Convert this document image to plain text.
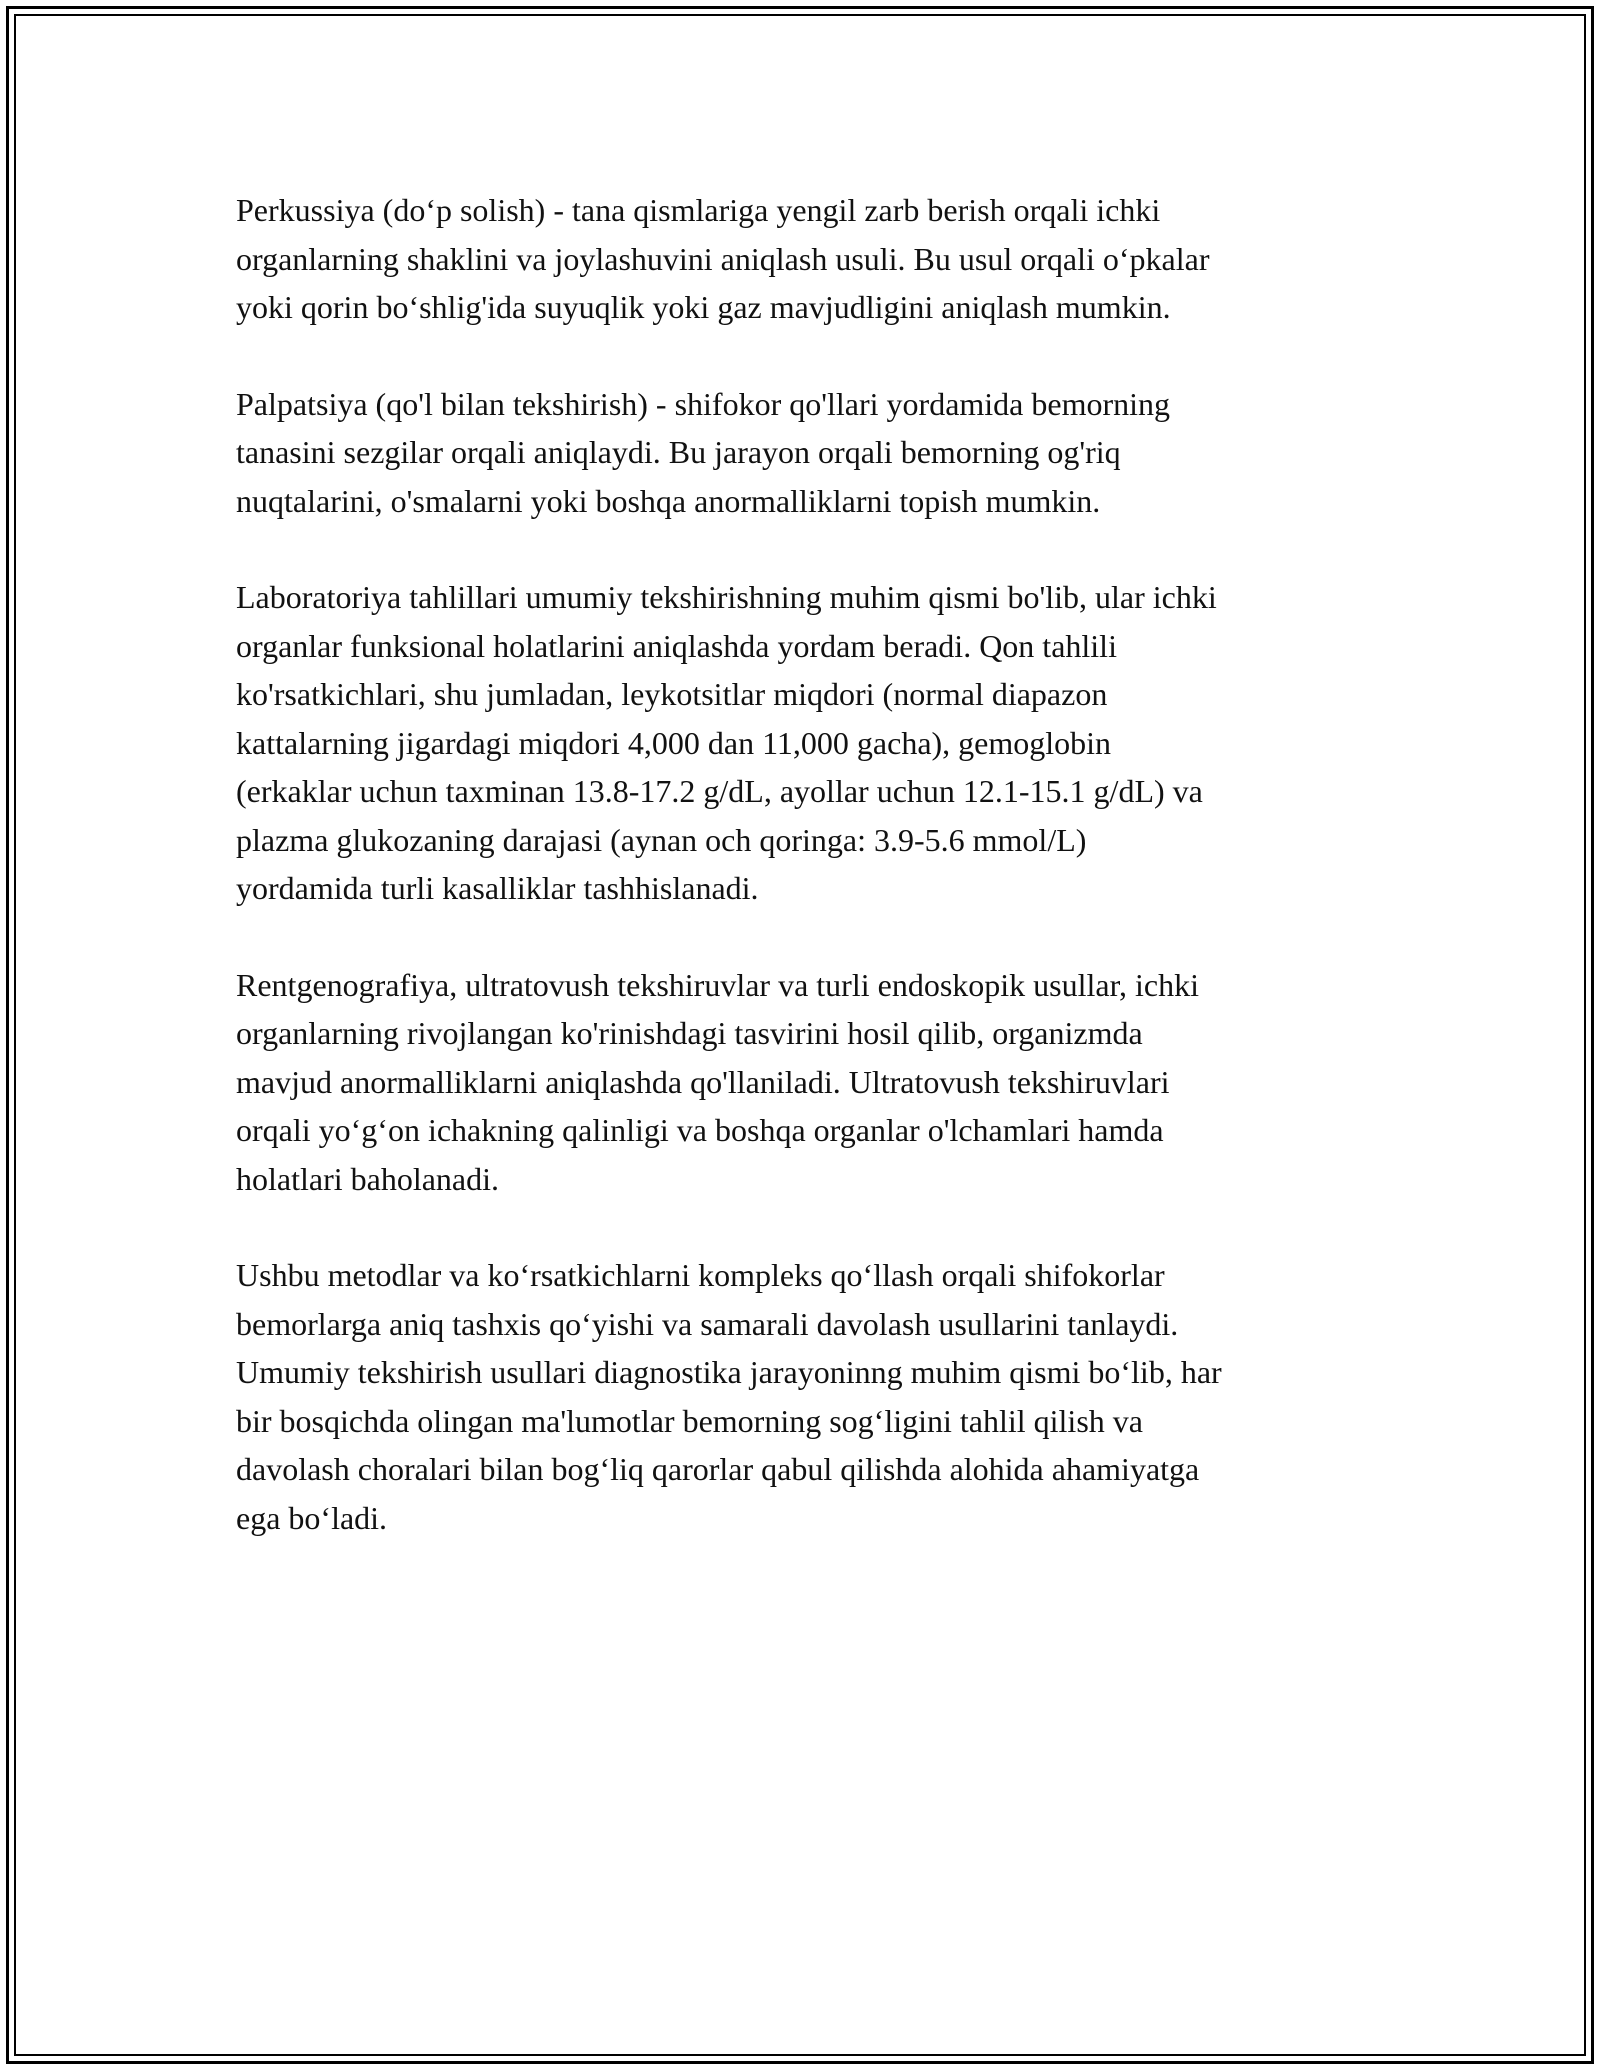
Perkussiya (do‘p solish) - tana qismlariga yengil zarb berish orqali ichki
organlarning shaklini va joylashuvini aniqlash usuli. Bu usul orqali o‘pkalar
yoki qorin bo‘shlig'ida suyuqlik yoki gaz mavjudligini aniqlash mumkin.

Palpatsiya (qo'l bilan tekshirish) - shifokor qo'llari yordamida bemorning
tanasini sezgilar orqali aniqlaydi. Bu jarayon orqali bemorning og'riq
nuqtalarini, o'smalarni yoki boshqa anormalliklarni topish mumkin.

Laboratoriya tahlillari umumiy tekshirishning muhim qismi bo'lib, ular ichki
organlar funksional holatlarini aniqlashda yordam beradi. Qon tahlili
ko'rsatkichlari, shu jumladan, leykotsitlar miqdori (normal diapazon
kattalarning jigardagi miqdori 4,000 dan 11,000 gacha), gemoglobin
(erkaklar uchun taxminan 13.8-17.2 g/dL, ayollar uchun 12.1-15.1 g/dL) va
plazma glukozaning darajasi (aynan och qoringa: 3.9-5.6 mmol/L)
yordamida turli kasalliklar tashhislanadi.

Rentgenografiya, ultratovush tekshiruvlar va turli endoskopik usullar, ichki
organlarning rivojlangan ko'rinishdagi tasvirini hosil qilib, organizmda
mavjud anormalliklarni aniqlashda qo'llaniladi. Ultratovush tekshiruvlari
orqali yo‘g‘on ichakning qalinligi va boshqa organlar o'lchamlari hamda
holatlari baholanadi.

Ushbu metodlar va ko‘rsatkichlarni kompleks qo‘llash orqali shifokorlar
bemorlarga aniq tashxis qo‘yishi va samarali davolash usullarini tanlaydi.
Umumiy tekshirish usullari diagnostika jarayoninng muhim qismi bo‘lib, har
bir bosqichda olingan ma'lumotlar bemorning sog‘ligini tahlil qilish va
davolash choralari bilan bog‘liq qarorlar qabul qilishda alohida ahamiyatga
ega bo‘ladi.
